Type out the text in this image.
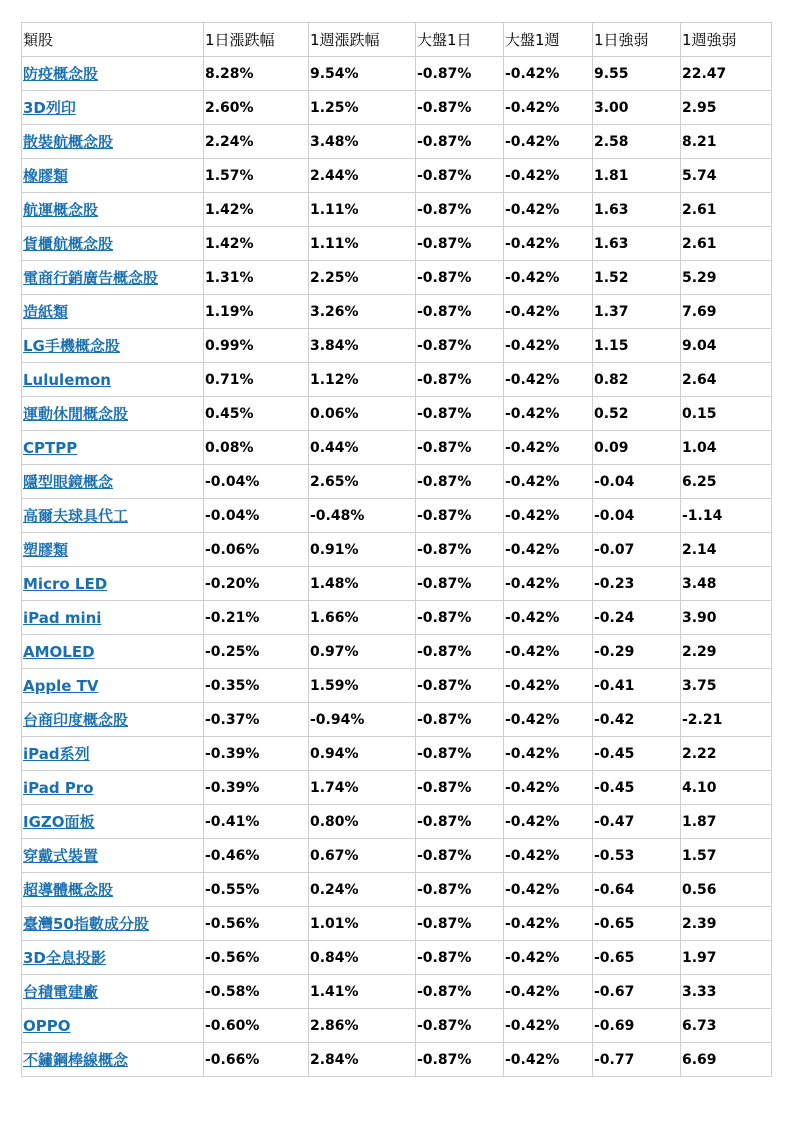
類股	1日漲跌幅	1週漲跌幅	大盤1日	大盤1週	1日強弱	1週強弱
防疫概念股	8.28%	9.54%	-0.87%	-0.42%	9.55	22.47
3D列印	2.60%	1.25%	-0.87%	-0.42%	3.00	2.95
散裝航概念股	2.24%	3.48%	-0.87%	-0.42%	2.58	8.21
橡膠類	1.57%	2.44%	-0.87%	-0.42%	1.81	5.74
航運概念股	1.42%	1.11%	-0.87%	-0.42%	1.63	2.61
貨櫃航概念股	1.42%	1.11%	-0.87%	-0.42%	1.63	2.61
電商行銷廣告概念股	1.31%	2.25%	-0.87%	-0.42%	1.52	5.29
造紙類	1.19%	3.26%	-0.87%	-0.42%	1.37	7.69
LG手機概念股	0.99%	3.84%	-0.87%	-0.42%	1.15	9.04
Lululemon	0.71%	1.12%	-0.87%	-0.42%	0.82	2.64
運動休閒概念股	0.45%	0.06%	-0.87%	-0.42%	0.52	0.15
CPTPP	0.08%	0.44%	-0.87%	-0.42%	0.09	1.04
隱型眼鏡概念	-0.04%	2.65%	-0.87%	-0.42%	-0.04	6.25
高爾夫球具代工	-0.04%	-0.48%	-0.87%	-0.42%	-0.04	-1.14
塑膠類	-0.06%	0.91%	-0.87%	-0.42%	-0.07	2.14
Micro LED	-0.20%	1.48%	-0.87%	-0.42%	-0.23	3.48
iPad mini	-0.21%	1.66%	-0.87%	-0.42%	-0.24	3.90
AMOLED	-0.25%	0.97%	-0.87%	-0.42%	-0.29	2.29
Apple TV	-0.35%	1.59%	-0.87%	-0.42%	-0.41	3.75
台商印度概念股	-0.37%	-0.94%	-0.87%	-0.42%	-0.42	-2.21
iPad系列	-0.39%	0.94%	-0.87%	-0.42%	-0.45	2.22
iPad Pro	-0.39%	1.74%	-0.87%	-0.42%	-0.45	4.10
IGZO面板	-0.41%	0.80%	-0.87%	-0.42%	-0.47	1.87
穿戴式裝置	-0.46%	0.67%	-0.87%	-0.42%	-0.53	1.57
超導體概念股	-0.55%	0.24%	-0.87%	-0.42%	-0.64	0.56
臺灣50指數成分股	-0.56%	1.01%	-0.87%	-0.42%	-0.65	2.39
3D全息投影	-0.56%	0.84%	-0.87%	-0.42%	-0.65	1.97
台積電建廠	-0.58%	1.41%	-0.87%	-0.42%	-0.67	3.33
OPPO	-0.60%	2.86%	-0.87%	-0.42%	-0.69	6.73
不鏽鋼棒線概念	-0.66%	2.84%	-0.87%	-0.42%	-0.77	6.69
